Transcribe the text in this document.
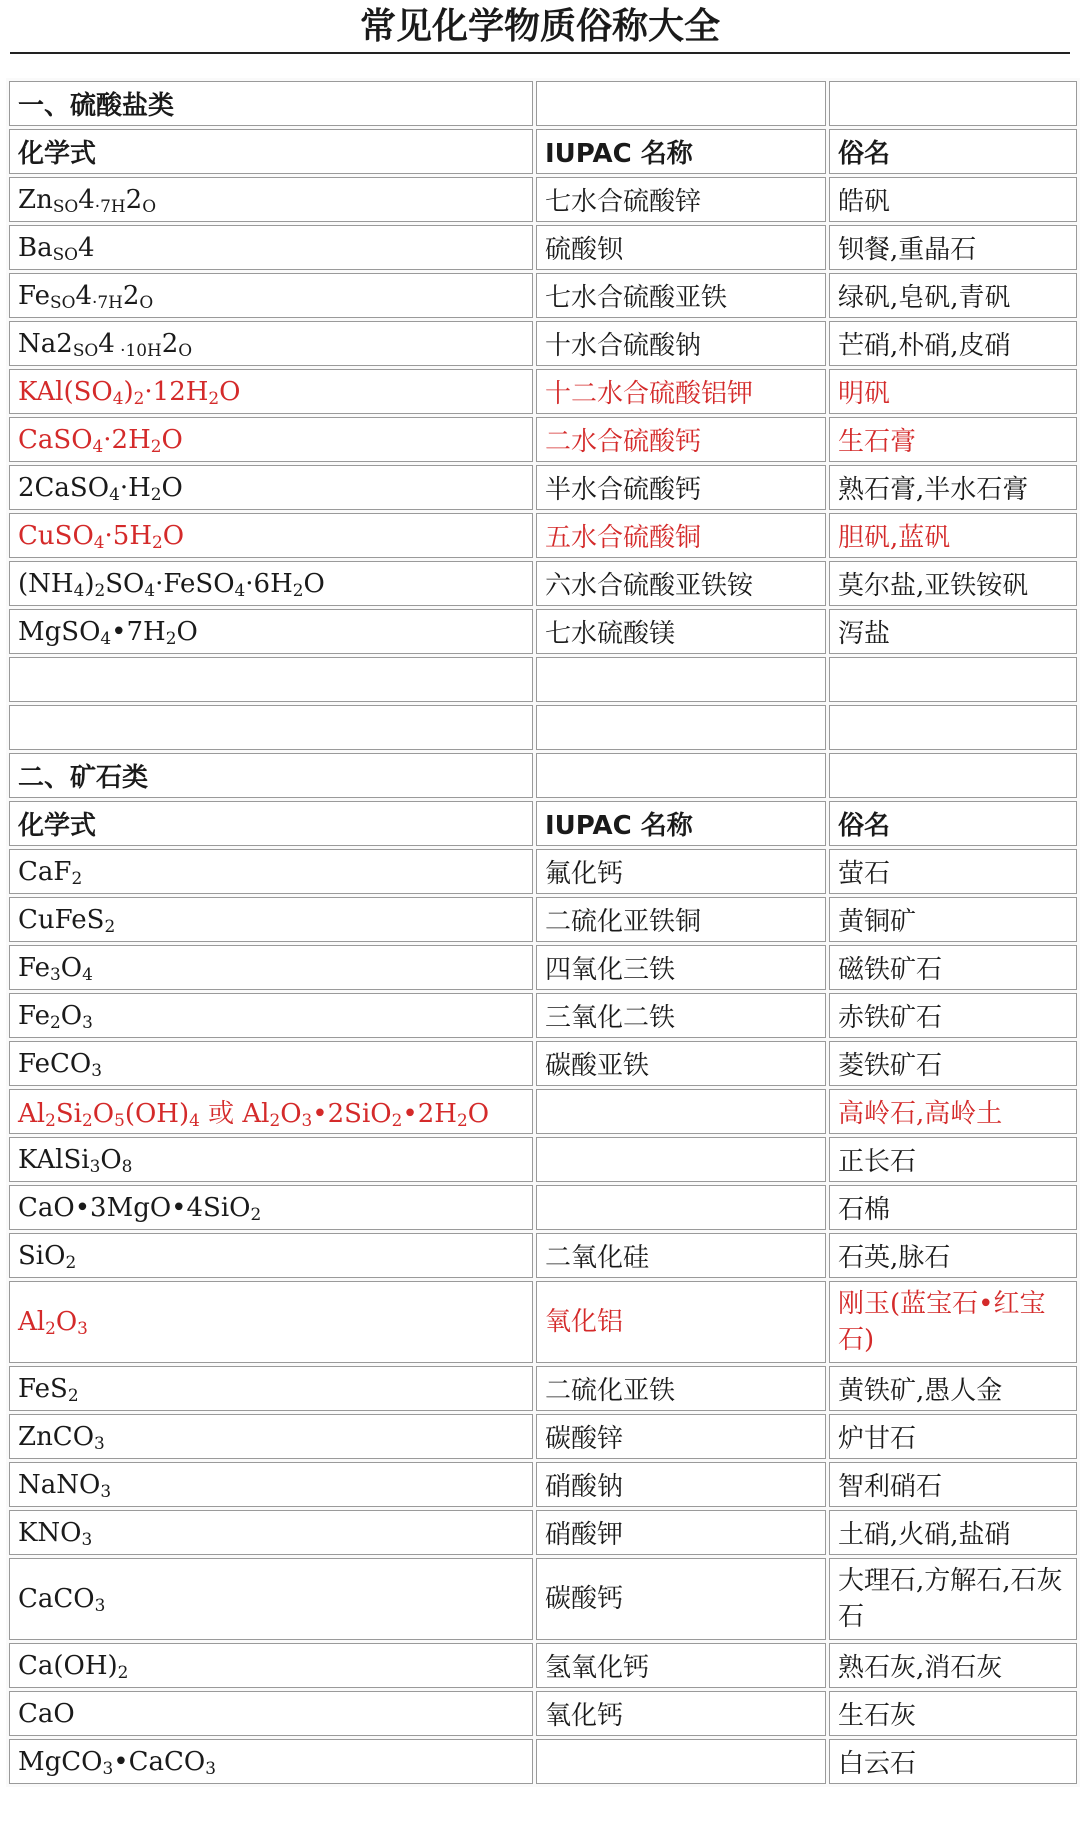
常见化学物质俗称大全
一、硫酸盐类		
化学式	IUPAC 名称	俗名
$Zn_{SO}4_{\cdot 7H}2_O$	七水合硫酸锌	皓矾
$Ba_{SO}4$	硫酸钡	钡餐,重晶石
$Fe_{SO}4_{\cdot 7H}2_O$	七水合硫酸亚铁	绿矾,皂矾,青矾
$Na2_{SO}4$ $_{\cdot 10H}2_O$	十水合硫酸钠	芒硝,朴硝,皮硝
$KAl(SO_4)_2\cdot 12H_2O$	十二水合硫酸铝钾	明矾
$CaSO_4\cdot 2H_2O$	二水合硫酸钙	生石膏
$2CaSO_4\cdot H_2O$	半水合硫酸钙	熟石膏,半水石膏
$CuSO_4\cdot 5H_2O$	五水合硫酸铜	胆矾,蓝矾
$(NH_4)_2SO_4\cdot FeSO_4\cdot 6H_2O$	六水合硫酸亚铁铵	莫尔盐,亚铁铵矾
$MgSO_4•7H_2O$	七水硫酸镁	泻盐

二、矿石类		
化学式	IUPAC 名称	俗名
CaF$_2$	氟化钙	萤石
CuFeS$_2$	二硫化亚铁铜	黄铜矿
$Fe_3O_4$	四氧化三铁	磁铁矿石
$Fe_2O_3$	三氧化二铁	赤铁矿石
FeCO$_3$	碳酸亚铁	菱铁矿石
$Al_2Si_2O_5(OH)_4$ 或 $Al_2O_3•2SiO_2•2H_2O$		高岭石,高岭土
$KAlSi_3O_8$		正长石
CaO•3MgO•4SiO$_2$		石棉
SiO$_2$	二氧化硅	石英,脉石
$Al_2O_3$	氧化铝	刚玉(蓝宝石•红宝石)
FeS$_2$	二硫化亚铁	黄铁矿,愚人金
ZnCO$_3$	碳酸锌	炉甘石
NaNO$_3$	硝酸钠	智利硝石
$KNO_3$	硝酸钾	土硝,火硝,盐硝
CaCO$_3$	碳酸钙	大理石,方解石,石灰石
$Ca(OH)_2$	氢氧化钙	熟石灰,消石灰
CaO	氧化钙	生石灰
MgCO$_3$•CaCO$_3$		白云石
